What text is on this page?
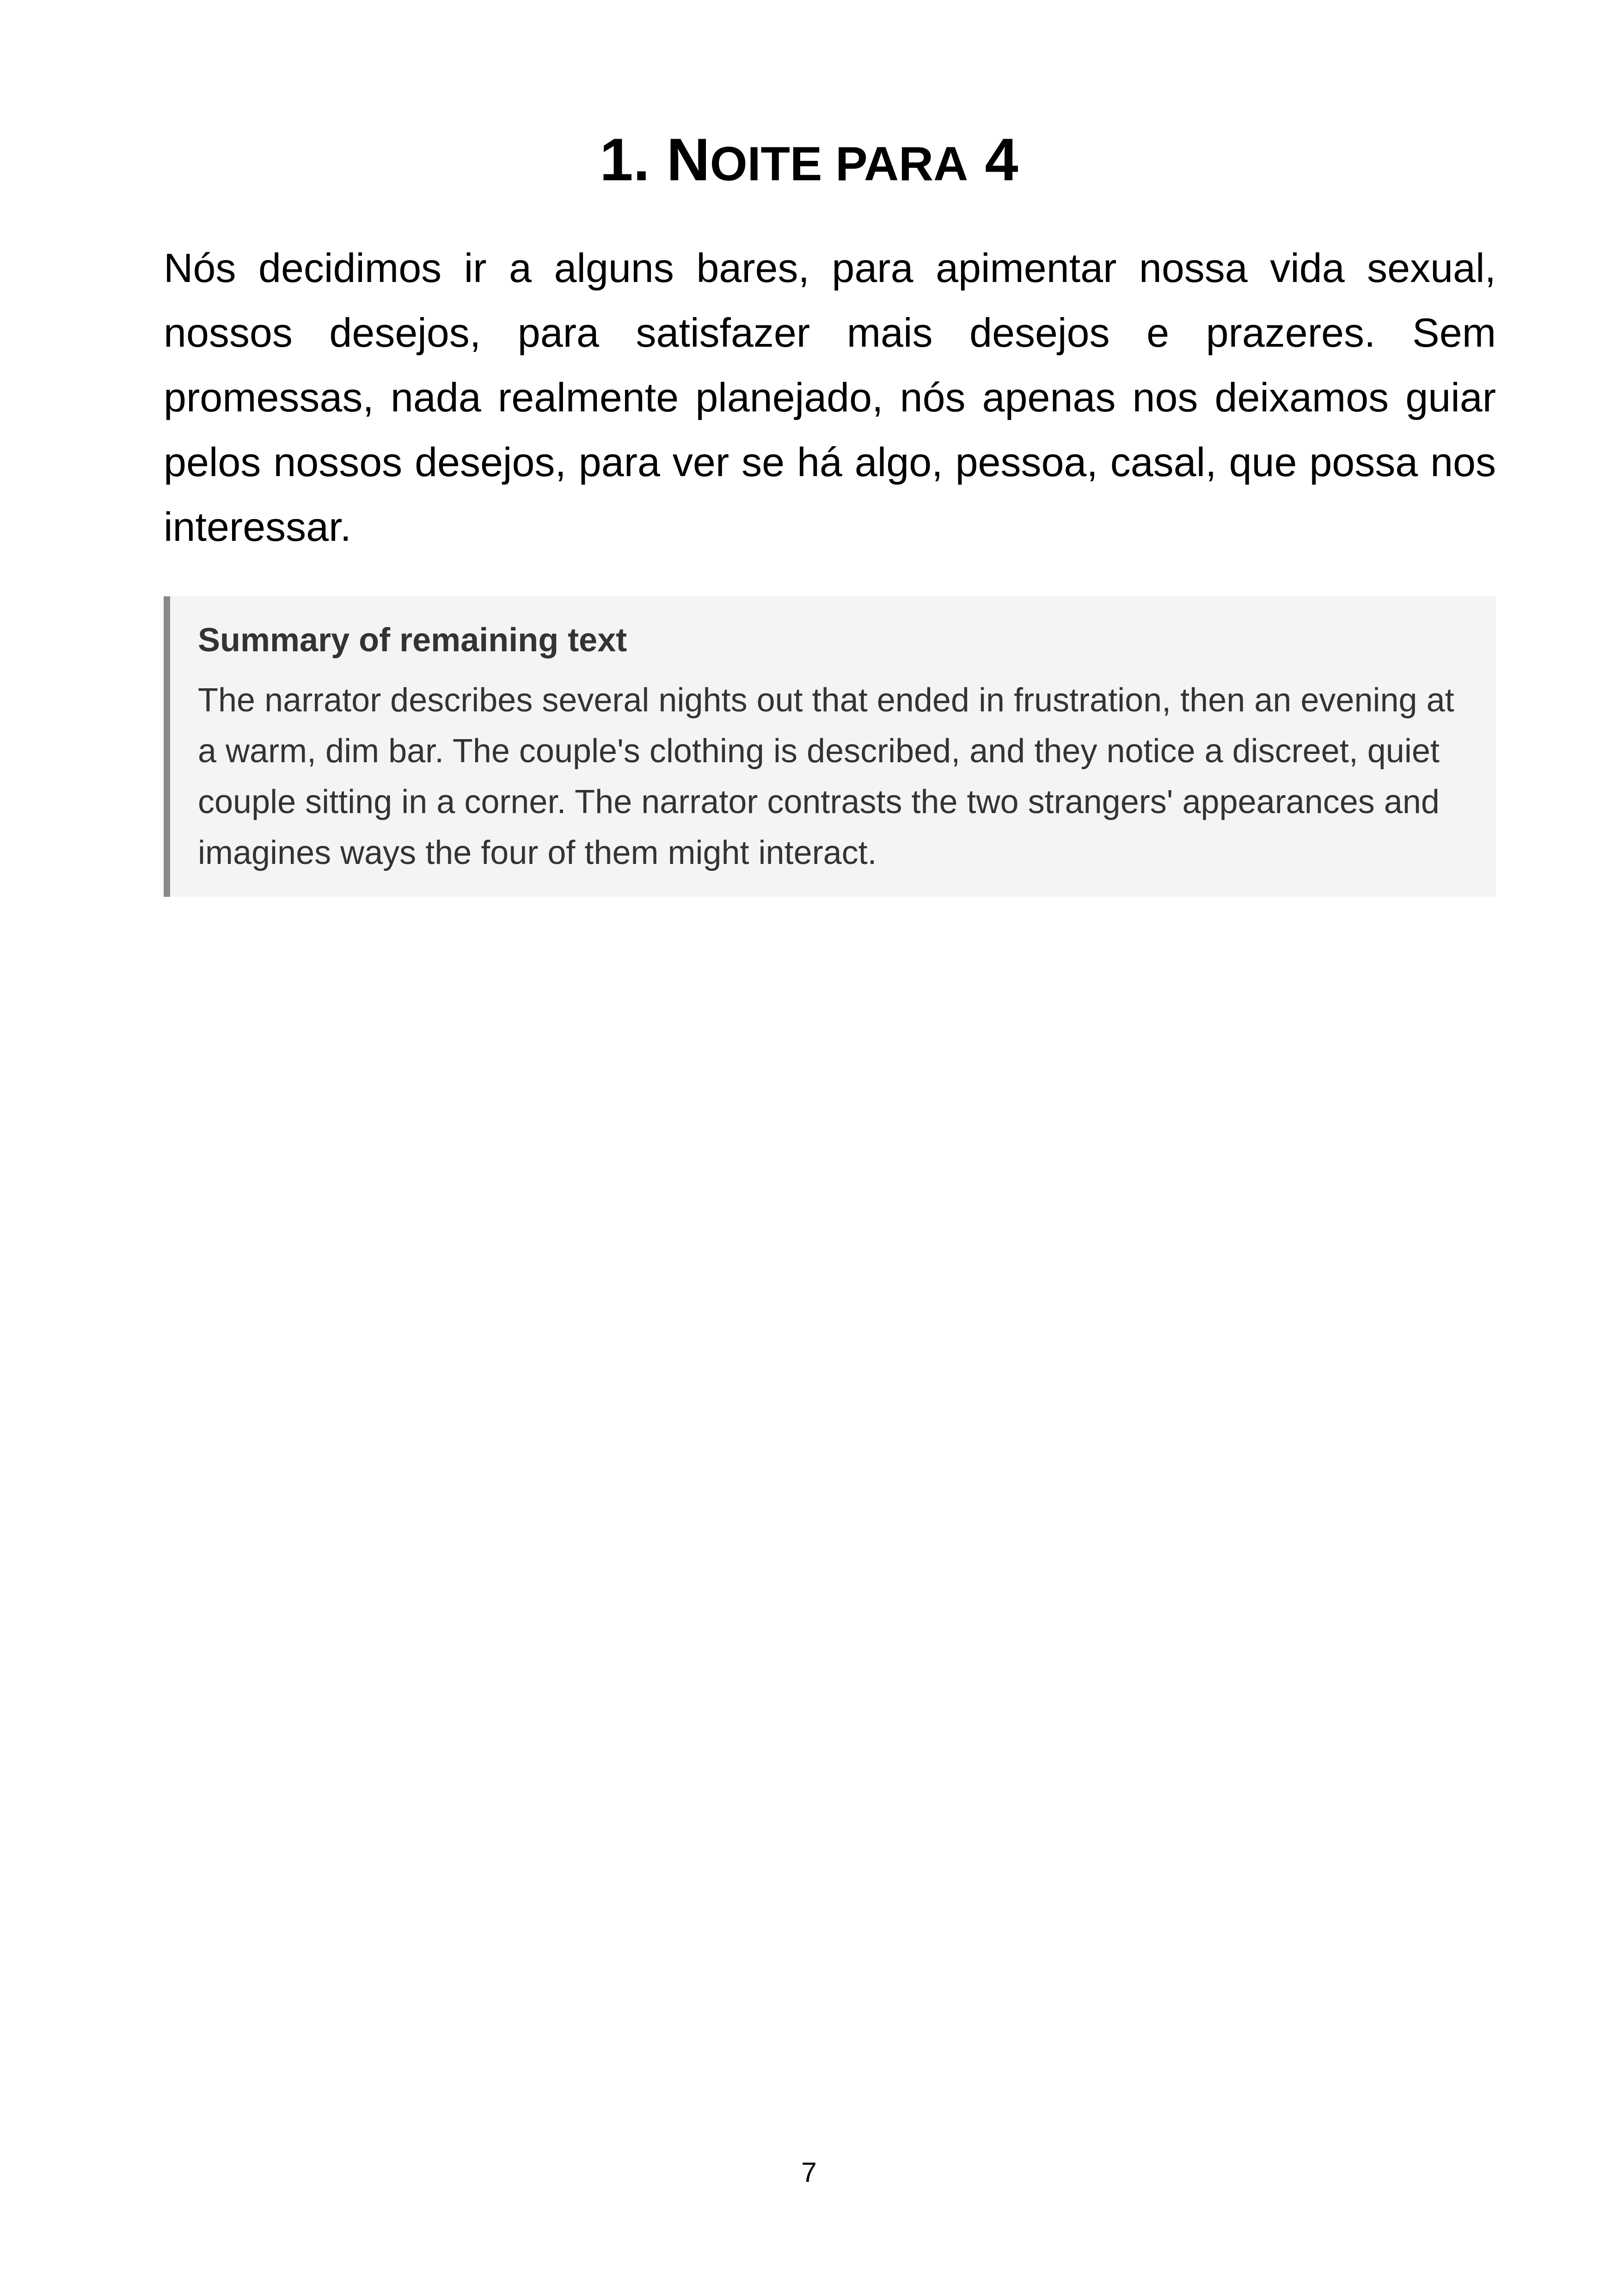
1. NOITE PARA 4

Nós decidimos ir a alguns bares, para apimentar nossa vida sexual, nossos desejos, para satisfazer mais desejos e prazeres. Sem promessas, nada realmente planejado, nós apenas nos deixamos guiar pelos nossos desejos, para ver se há algo, pessoa, casal, que possa nos interessar.

Summary of remaining text
The narrator describes several nights out that ended in frustration, then an evening at a warm, dim bar. The couple's clothing is described, and they notice a discreet, quiet couple sitting in a corner. The narrator contrasts the two strangers' appearances and imagines ways the four of them might interact.
7
